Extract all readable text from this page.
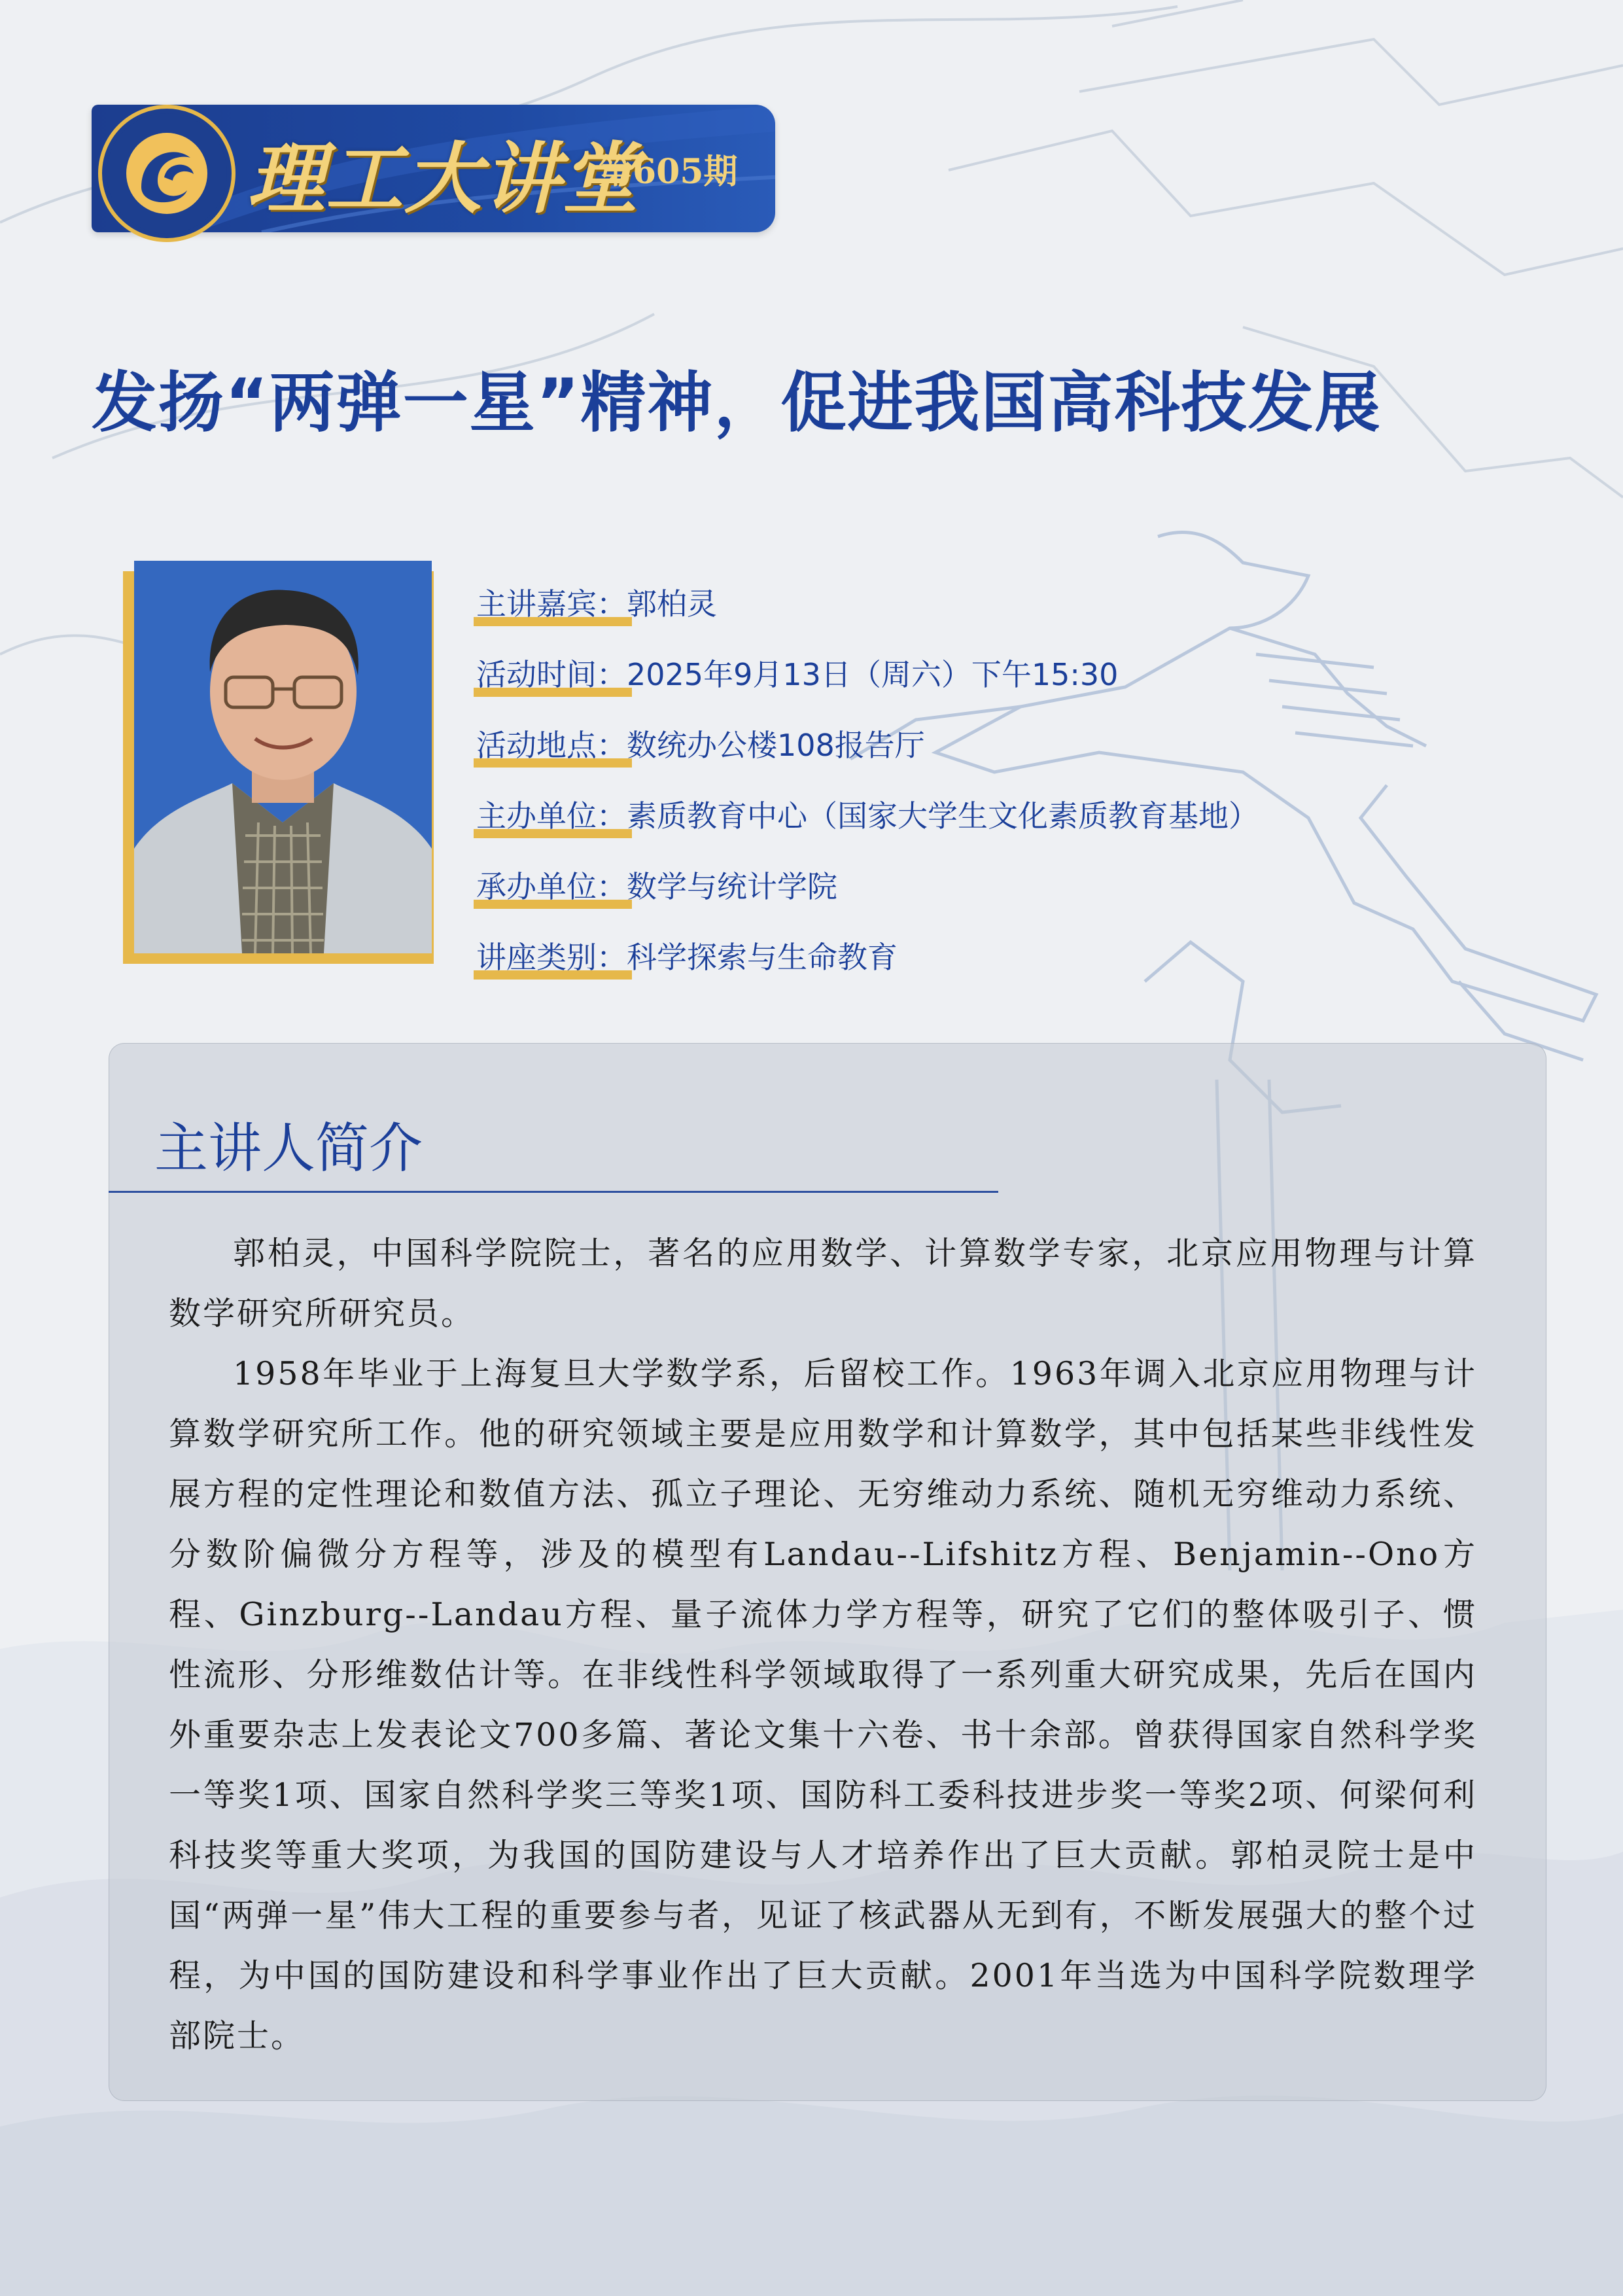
理工大讲堂
第605期
发扬“两弹一星”精神，促进我国高科技发展
主讲嘉宾：郭柏灵
活动时间：2025年9月13日（周六）下午15:30
活动地点：数统办公楼108报告厅
主办单位：素质教育中心（国家大学生文化素质教育基地）
承办单位：数学与统计学院
讲座类别：科学探索与生命教育
主讲人简介

郭柏灵，中国科学院院士，著名的应用数学、计算数学专家，北京应用物理与计算数学研究所研究员。

1958年毕业于上海复旦大学数学系，后留校工作。1963年调入北京应用物理与计算数学研究所工作。他的研究领域主要是应用数学和计算数学，其中包括某些非线性发展方程的定性理论和数值方法、孤立子理论、无穷维动力系统、随机无穷维动力系统、分数阶偏微分方程等，涉及的模型有Landau--Lifshitz方程、Benjamin--Ono方程、Ginzburg--Landau方程、量子流体力学方程等，研究了它们的整体吸引子、惯性流形、分形维数估计等。在非线性科学领域取得了一系列重大研究成果，先后在国内外重要杂志上发表论文700多篇、著论文集十六卷、书十余部。曾获得国家自然科学奖一等奖1项、国家自然科学奖三等奖1项、国防科工委科技进步奖一等奖2项、何梁何利科技奖等重大奖项，为我国的国防建设与人才培养作出了巨大贡献。郭柏灵院士是中国“两弹一星”伟大工程的重要参与者，见证了核武器从无到有，不断发展强大的整个过程，为中国的国防建设和科学事业作出了巨大贡献。2001年当选为中国科学院数理学部院士。
